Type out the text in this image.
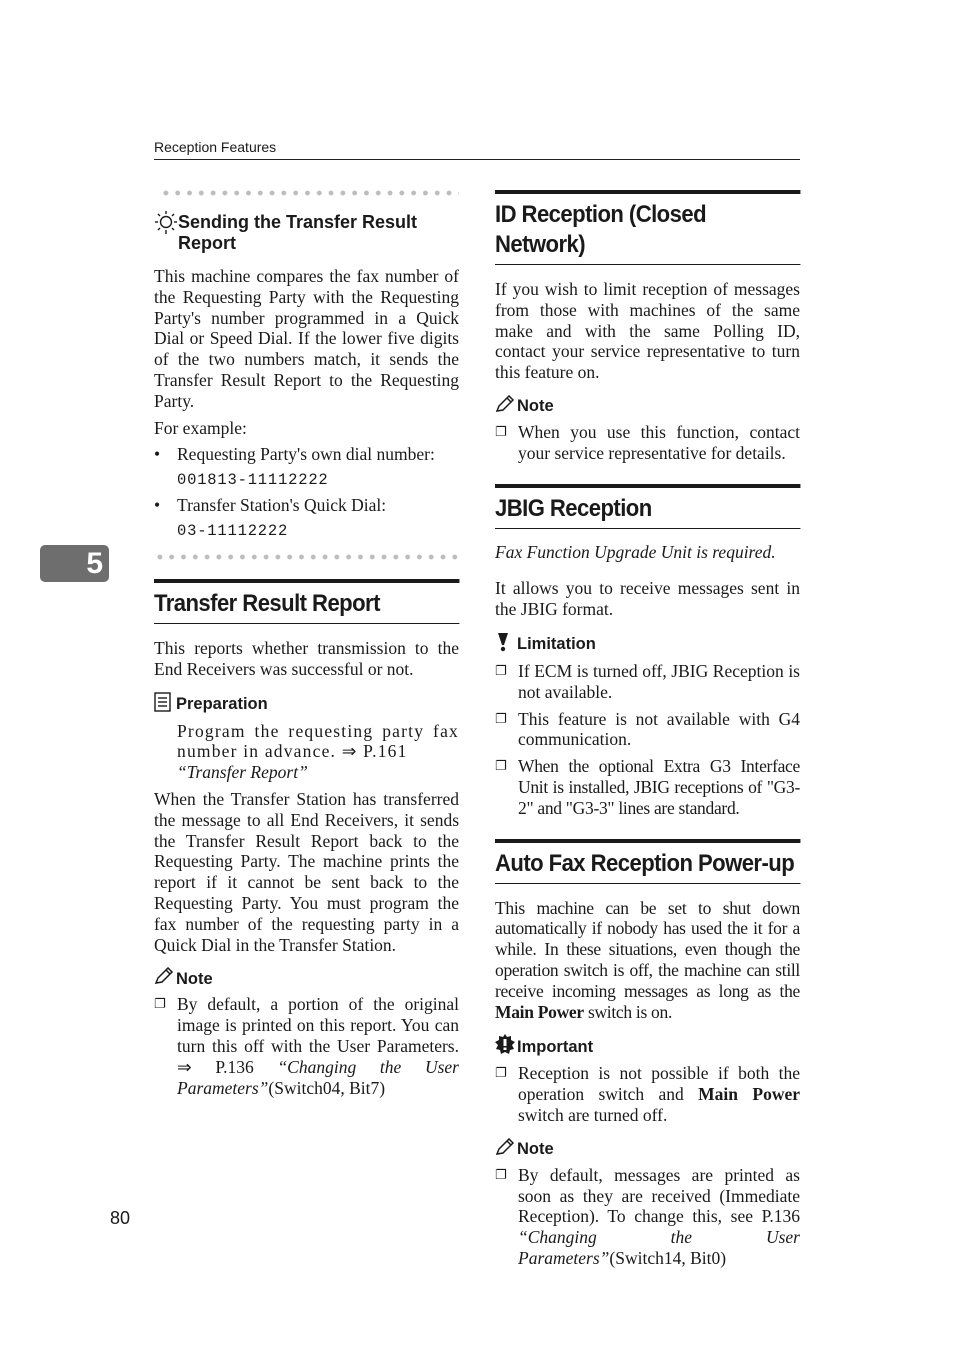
Reception Features
5
Sending the Transfer Result
Report

This machine compares the fax number of the Requesting Party with the Requesting Party's number programmed in a Quick Dial or Speed Dial. If the lower five digits of the two numbers match, it sends the Transfer Result Report to the Requesting Party.

For example:

• Requesting Party's own dial number:
001813-11112222
• Transfer Station's Quick Dial:
03-11112222
Transfer Result Report

This reports whether transmission to the End Receivers was successful or not.

Preparation

Program the requesting party fax number in advance. ⇒ P.161

“Transfer Report”

When the Transfer Station has transferred the message to all End Receivers, it sends the Transfer Result Report back to the Requesting Party. The machine prints the report if it cannot be sent back to the Requesting Party. You must program the fax number of the requesting party in a Quick Dial in the Transfer Station.

Note
❐ By default, a portion of the original image is printed on this report. You can turn this off with the User Parameters. ⇒ P.136 “Changing the User Parameters”(Switch04, Bit7)
ID Reception (Closed Network)

If you wish to limit reception of messages from those with machines of the same make and with the same Polling ID, contact your service representative to turn this feature on.

Note
❐ When you use this function, contact your service representative for details.
JBIG Reception

Fax Function Upgrade Unit is required.

It allows you to receive messages sent in the JBIG format.

Limitation
❐ If ECM is turned off, JBIG Reception is not available.
❐ This feature is not available with G4 communication.
❐ When the optional Extra G3 Interface Unit is installed, JBIG receptions of "G3-2" and "G3-3" lines are standard.
Auto Fax Reception Power-up

This machine can be set to shut down automatically if nobody has used the it for a while. In these situations, even though the operation switch is off, the machine can still receive incoming messages as long as the Main Power switch is on.

Important
❐ Reception is not possible if both the operation switch and Main Power switch are turned off.
Note
❐ By default, messages are printed as soon as they are received (Immediate Reception). To change this, see P.136 “Changing the User Parameters”(Switch14, Bit0)
80
